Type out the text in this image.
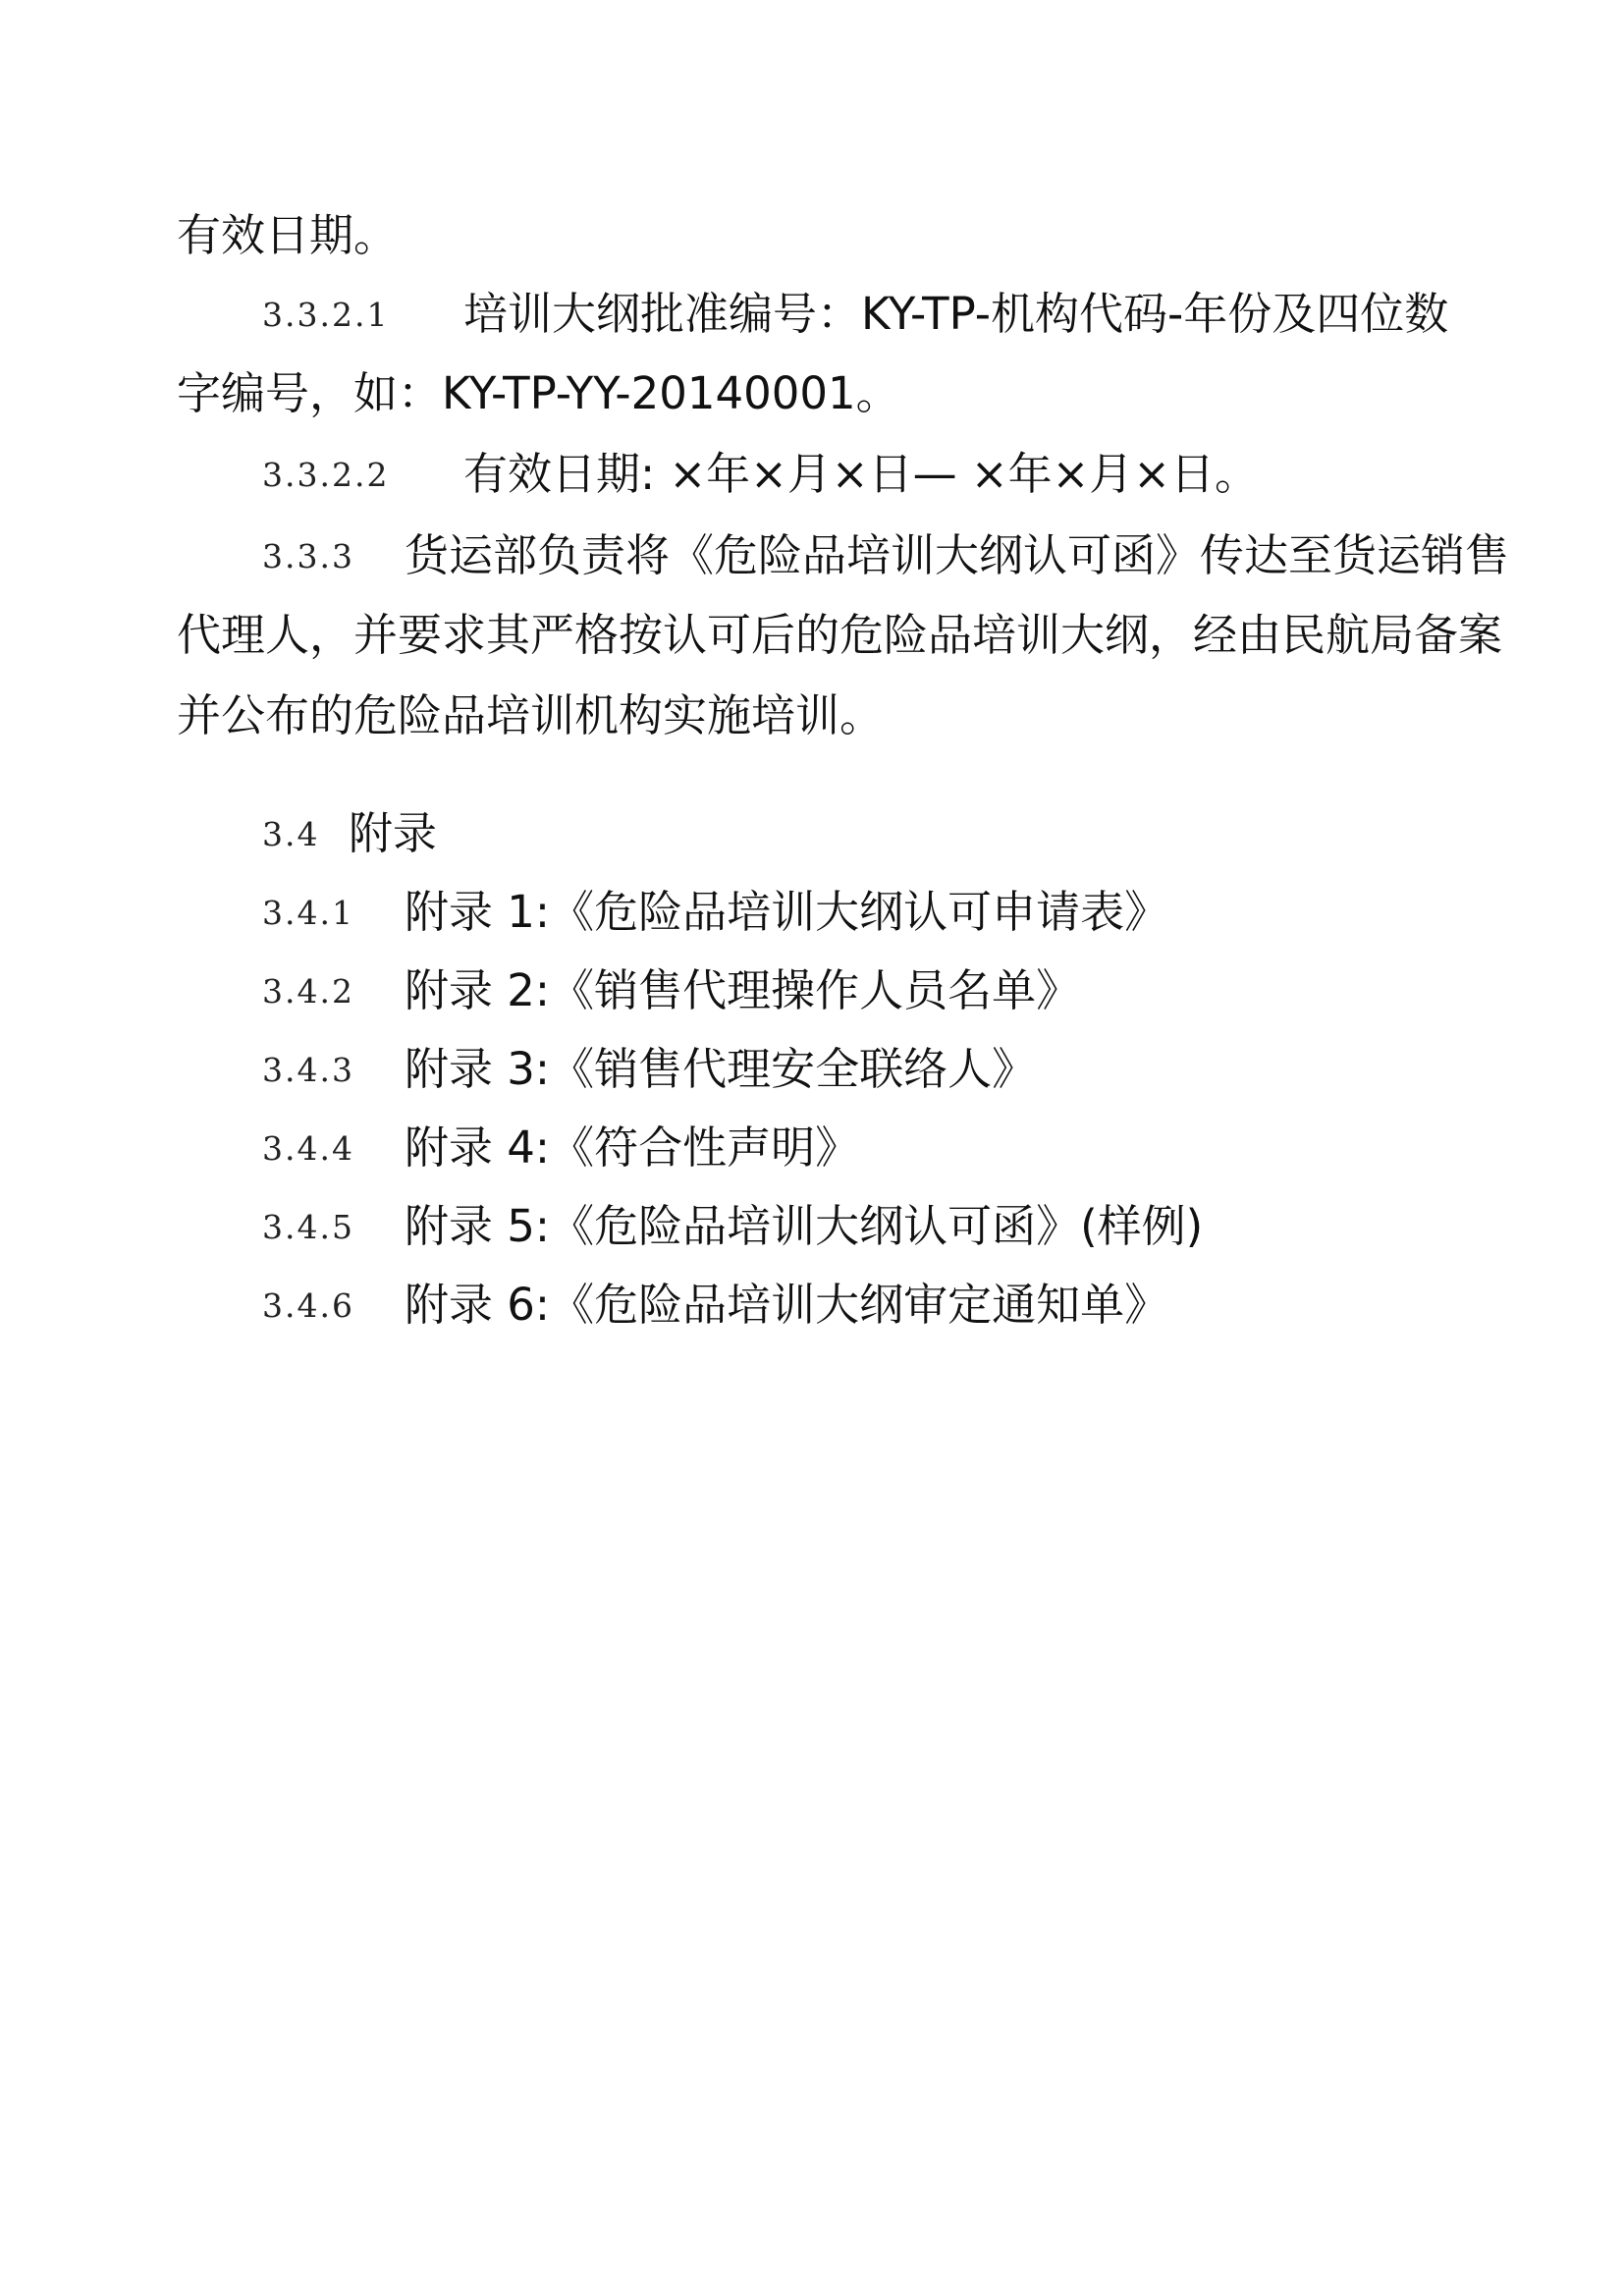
有效日期。
3.3.2.1 培训大纲批准编号：KY-TP-机构代码-年份及四位数
字编号，如：KY-TP-YY-20140001。
3.3.2.2 有效日期: ×年×月×日— ×年×月×日。
3.3.3 货运部负责将《危险品培训大纲认可函》传达至货运销售
代理人，并要求其严格按认可后的危险品培训大纲，经由民航局备案
并公布的危险品培训机构实施培训。
3.4 附录
3.4.1 附录 1:《危险品培训大纲认可申请表》
3.4.2 附录 2:《销售代理操作人员名单》
3.4.3 附录 3:《销售代理安全联络人》
3.4.4 附录 4:《符合性声明》
3.4.5 附录 5:《危险品培训大纲认可函》(样例)
3.4.6 附录 6:《危险品培训大纲审定通知单》
